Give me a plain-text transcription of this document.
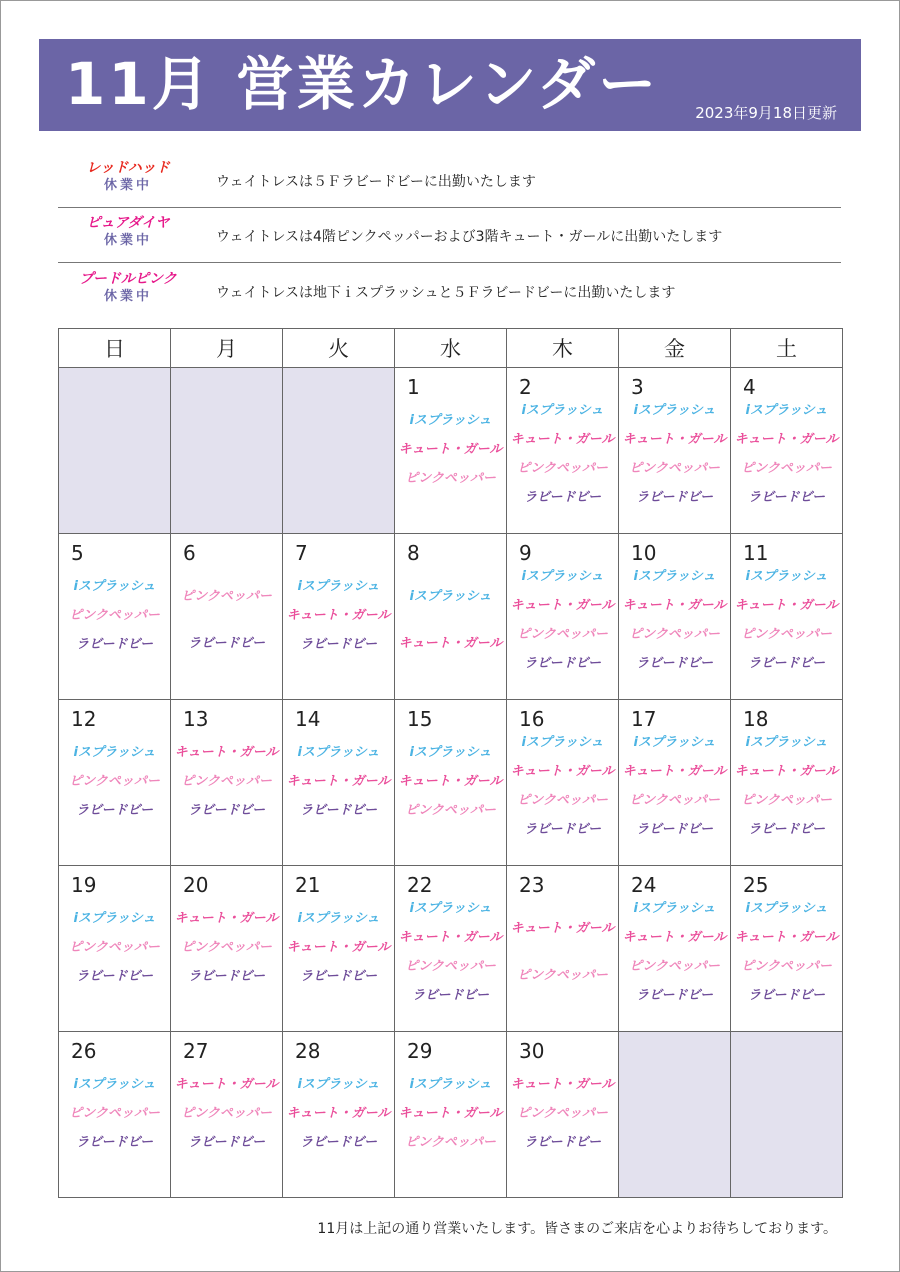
11月 営業カレンダー 2023年9月18日更新
レッドハッド
休業中	ウェイトレスは５Ｆラビードビーに出勤いたします
ピュアダイヤ
休業中	ウェイトレスは4階ピンクペッパーおよび3階キュート・ガールに出勤いたします
プードルピンク
休業中	ウェイトレスは地下ｉスプラッシュと５Ｆラビードビーに出勤いたします
日	月	火	水	木	金	土

			1
iスプラッシュ
キュート・ガール
ピンクペッパー	2
iスプラッシュ
キュート・ガール
ピンクペッパー
ラビードビー	3
iスプラッシュ
キュート・ガール
ピンクペッパー
ラビードビー	4
iスプラッシュ
キュート・ガール
ピンクペッパー
ラビードビー

5
iスプラッシュ
ピンクペッパー
ラビードビー	6
ピンクペッパー
ラビードビー	7
iスプラッシュ
キュート・ガール
ラビードビー	8
iスプラッシュ
キュート・ガール	9
iスプラッシュ
キュート・ガール
ピンクペッパー
ラビードビー	10
iスプラッシュ
キュート・ガール
ピンクペッパー
ラビードビー	11
iスプラッシュ
キュート・ガール
ピンクペッパー
ラビードビー

12
iスプラッシュ
ピンクペッパー
ラビードビー	13
キュート・ガール
ピンクペッパー
ラビードビー	14
iスプラッシュ
キュート・ガール
ラビードビー	15
iスプラッシュ
キュート・ガール
ピンクペッパー	16
iスプラッシュ
キュート・ガール
ピンクペッパー
ラビードビー	17
iスプラッシュ
キュート・ガール
ピンクペッパー
ラビードビー	18
iスプラッシュ
キュート・ガール
ピンクペッパー
ラビードビー

19
iスプラッシュ
ピンクペッパー
ラビードビー	20
キュート・ガール
ピンクペッパー
ラビードビー	21
iスプラッシュ
キュート・ガール
ラビードビー	22
iスプラッシュ
キュート・ガール
ピンクペッパー
ラビードビー	23
キュート・ガール
ピンクペッパー	24
iスプラッシュ
キュート・ガール
ピンクペッパー
ラビードビー	25
iスプラッシュ
キュート・ガール
ピンクペッパー
ラビードビー

26
iスプラッシュ
ピンクペッパー
ラビードビー	27
キュート・ガール
ピンクペッパー
ラビードビー	28
iスプラッシュ
キュート・ガール
ラビードビー	29
iスプラッシュ
キュート・ガール
ピンクペッパー	30
キュート・ガール
ピンクペッパー
ラビードビー		

11月は上記の通り営業いたします。皆さまのご来店を心よりお待ちしております。
